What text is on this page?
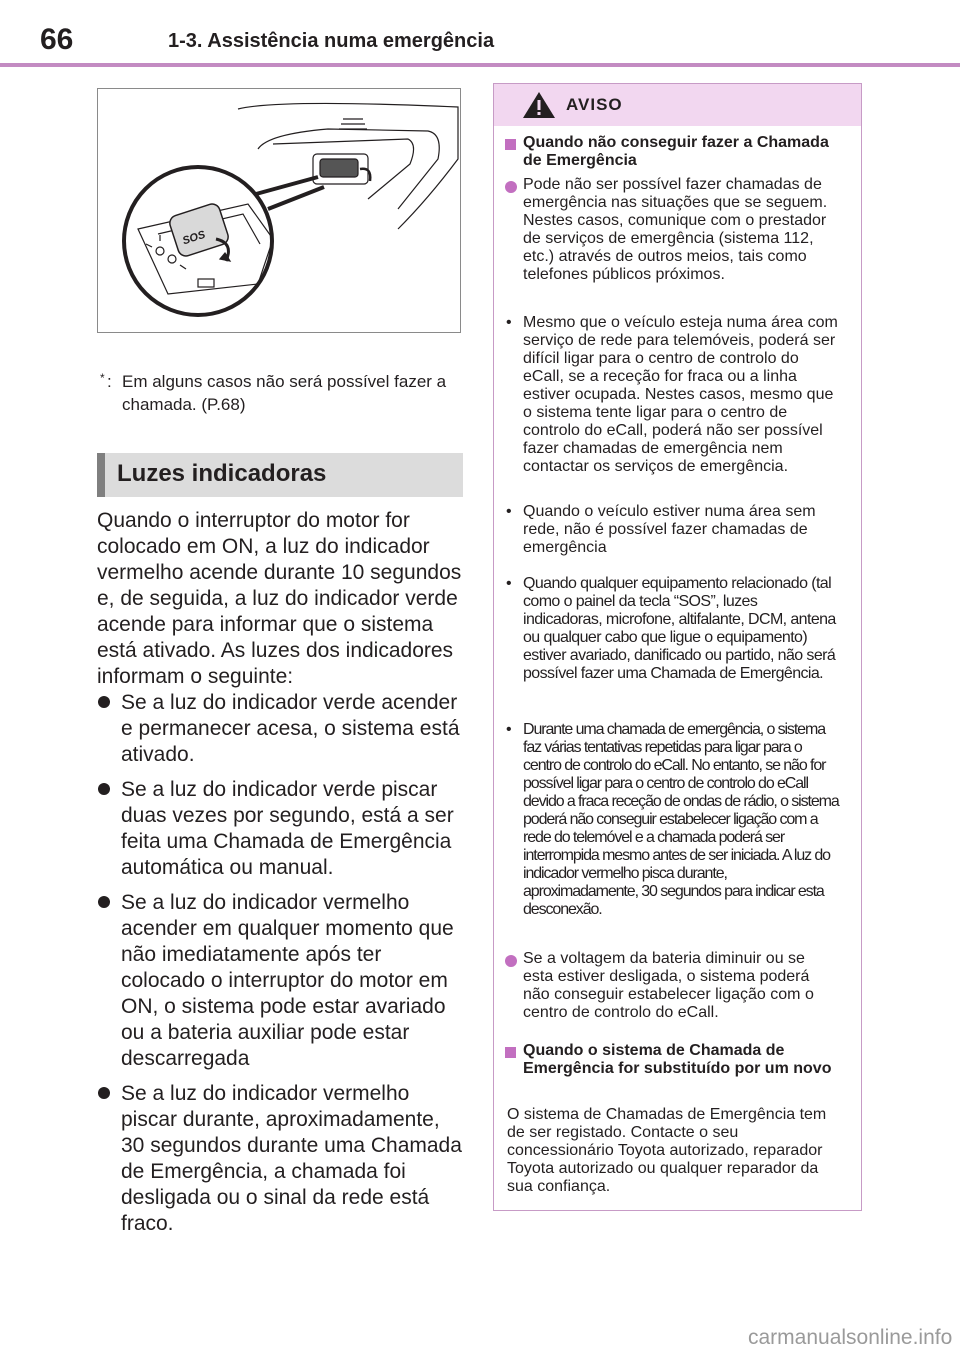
66	1-3. Assistência numa emergência
SOS
* : Em alguns casos não será possível fazer a chamada. (P.68)
Luzes indicadoras

Quando o interruptor do motor for colocado em ON, a luz do indicador vermelho acende durante 10 segundos e, de seguida, a luz do indicador verde acende para informar que o sistema está ativado. As luzes dos indicadores informam o seguinte:

Se a luz do indicador verde acender e permanecer acesa, o sistema está ativado.
Se a luz do indicador verde piscar duas vezes por segundo, está a ser feita uma Chamada de Emergência automática ou manual.
Se a luz do indicador vermelho acender em qualquer momento que não imediatamente após ter colocado o interruptor do motor em ON, o sistema pode estar avariado ou a bateria auxiliar pode estar descarregada
Se a luz do indicador vermelho piscar durante, aproximadamente, 30 segundos durante uma Chamada de Emergência, a chamada foi desligada ou o sinal da rede está fraco.
AVISO
Quando não conseguir fazer a Chamada de Emergência
Pode não ser possível fazer chamadas de emergência nas situações que se seguem. Nestes casos, comunique com o prestador de serviços de emergência (sistema 112, etc.) através de outros meios, tais como telefones públicos próximos.
• Mesmo que o veículo esteja numa área com serviço de rede para telemóveis, poderá ser difícil ligar para o centro de controlo do eCall, se a receção for fraca ou a linha estiver ocupada. Nestes casos, mesmo que o sistema tente ligar para o centro de controlo do eCall, poderá não ser possível fazer chamadas de emergência nem contactar os serviços de emergência.
• Quando o veículo estiver numa área sem rede, não é possível fazer chamadas de emergência
• Quando qualquer equipamento relacionado (tal como o painel da tecla “SOS”, luzes indicadoras, microfone, altifalante, DCM, antena ou qualquer cabo que ligue o equipamento) estiver avariado, danificado ou partido, não será possível fazer uma Chamada de Emergência.
• Durante uma chamada de emergência, o sistema faz várias tentativas repetidas para ligar para o centro de controlo do eCall. No entanto, se não for possível ligar para o centro de controlo do eCall devido a fraca receção de ondas de rádio, o sistema poderá não conseguir estabelecer ligação com a rede do telemóvel e a chamada poderá ser interrompida mesmo antes de ser iniciada. A luz do indicador vermelho pisca durante, aproximadamente, 30 segundos para indicar esta desconexão.
Se a voltagem da bateria diminuir ou se esta estiver desligada, o sistema poderá não conseguir estabelecer ligação com o centro de controlo do eCall.
Quando o sistema de Chamada de Emergência for substituído por um novo
O sistema de Chamadas de Emergência tem de ser registado. Contacte o seu concessionário Toyota autorizado, reparador Toyota autorizado ou qualquer reparador da sua confiança.
carmanualsonline.info
